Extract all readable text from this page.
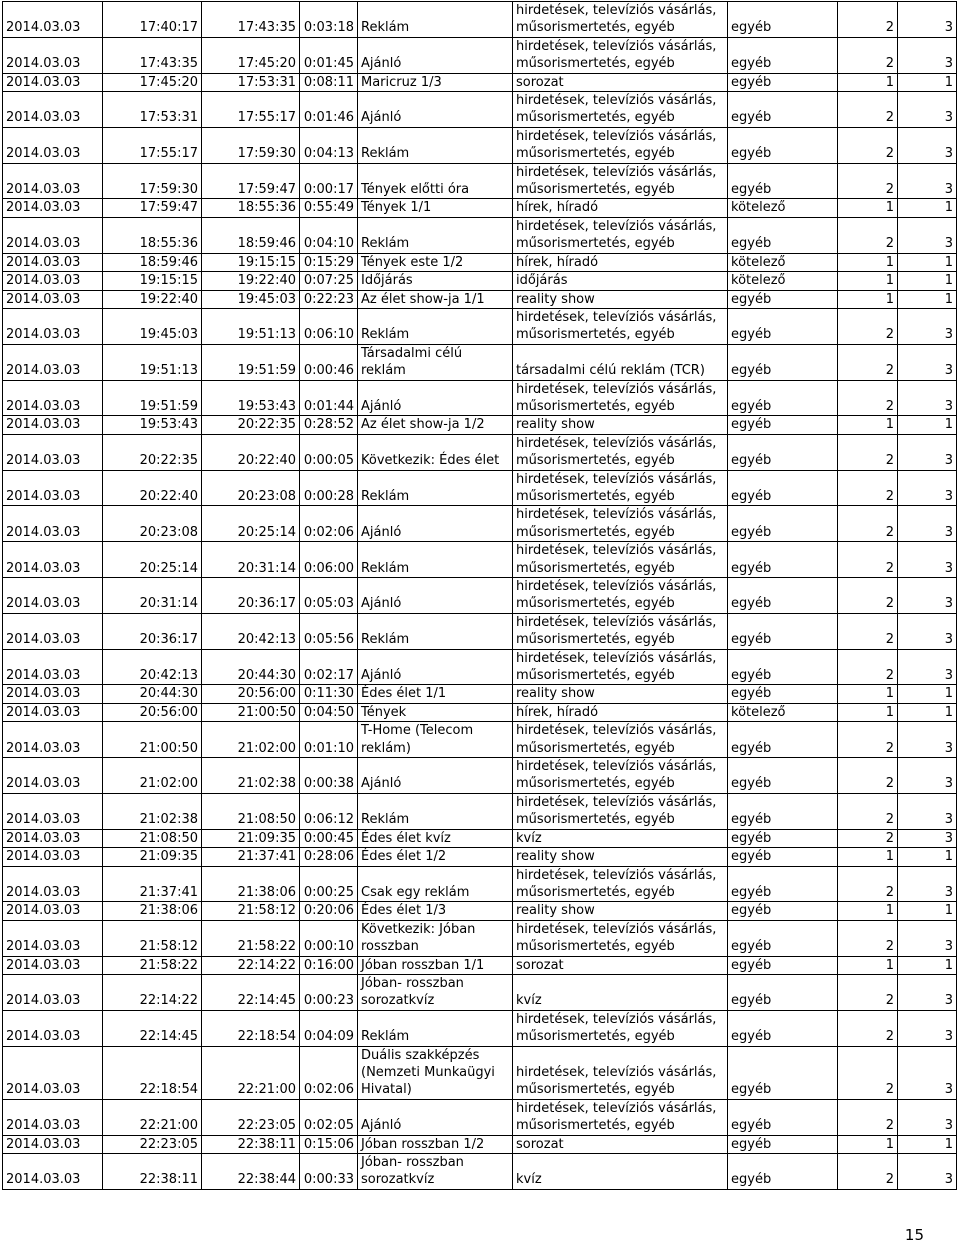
2014.03.03	17:40:17	17:43:35	0:03:18	Reklám	hirdetések, televíziós vásárlás, műsorismertetés, egyéb	egyéb	2	3
2014.03.03	17:43:35	17:45:20	0:01:45	Ajánló	hirdetések, televíziós vásárlás, műsorismertetés, egyéb	egyéb	2	3
2014.03.03	17:45:20	17:53:31	0:08:11	Maricruz 1/3	sorozat	egyéb	1	1
2014.03.03	17:53:31	17:55:17	0:01:46	Ajánló	hirdetések, televíziós vásárlás, műsorismertetés, egyéb	egyéb	2	3
2014.03.03	17:55:17	17:59:30	0:04:13	Reklám	hirdetések, televíziós vásárlás, műsorismertetés, egyéb	egyéb	2	3
2014.03.03	17:59:30	17:59:47	0:00:17	Tények előtti óra	hirdetések, televíziós vásárlás, műsorismertetés, egyéb	egyéb	2	3
2014.03.03	17:59:47	18:55:36	0:55:49	Tények 1/1	hírek, híradó	kötelező	1	1
2014.03.03	18:55:36	18:59:46	0:04:10	Reklám	hirdetések, televíziós vásárlás, műsorismertetés, egyéb	egyéb	2	3
2014.03.03	18:59:46	19:15:15	0:15:29	Tények este 1/2	hírek, híradó	kötelező	1	1
2014.03.03	19:15:15	19:22:40	0:07:25	Időjárás	időjárás	kötelező	1	1
2014.03.03	19:22:40	19:45:03	0:22:23	Az élet show-ja 1/1	reality show	egyéb	1	1
2014.03.03	19:45:03	19:51:13	0:06:10	Reklám	hirdetések, televíziós vásárlás, műsorismertetés, egyéb	egyéb	2	3
2014.03.03	19:51:13	19:51:59	0:00:46	Társadalmi célú reklám	társadalmi célú reklám (TCR)	egyéb	2	3
2014.03.03	19:51:59	19:53:43	0:01:44	Ajánló	hirdetések, televíziós vásárlás, műsorismertetés, egyéb	egyéb	2	3
2014.03.03	19:53:43	20:22:35	0:28:52	Az élet show-ja 1/2	reality show	egyéb	1	1
2014.03.03	20:22:35	20:22:40	0:00:05	Következik: Édes élet	hirdetések, televíziós vásárlás, műsorismertetés, egyéb	egyéb	2	3
2014.03.03	20:22:40	20:23:08	0:00:28	Reklám	hirdetések, televíziós vásárlás, műsorismertetés, egyéb	egyéb	2	3
2014.03.03	20:23:08	20:25:14	0:02:06	Ajánló	hirdetések, televíziós vásárlás, műsorismertetés, egyéb	egyéb	2	3
2014.03.03	20:25:14	20:31:14	0:06:00	Reklám	hirdetések, televíziós vásárlás, műsorismertetés, egyéb	egyéb	2	3
2014.03.03	20:31:14	20:36:17	0:05:03	Ajánló	hirdetések, televíziós vásárlás, műsorismertetés, egyéb	egyéb	2	3
2014.03.03	20:36:17	20:42:13	0:05:56	Reklám	hirdetések, televíziós vásárlás, műsorismertetés, egyéb	egyéb	2	3
2014.03.03	20:42:13	20:44:30	0:02:17	Ajánló	hirdetések, televíziós vásárlás, műsorismertetés, egyéb	egyéb	2	3
2014.03.03	20:44:30	20:56:00	0:11:30	Édes élet 1/1	reality show	egyéb	1	1
2014.03.03	20:56:00	21:00:50	0:04:50	Tények	hírek, híradó	kötelező	1	1
2014.03.03	21:00:50	21:02:00	0:01:10	T-Home (Telecom reklám)	hirdetések, televíziós vásárlás, műsorismertetés, egyéb	egyéb	2	3
2014.03.03	21:02:00	21:02:38	0:00:38	Ajánló	hirdetések, televíziós vásárlás, műsorismertetés, egyéb	egyéb	2	3
2014.03.03	21:02:38	21:08:50	0:06:12	Reklám	hirdetések, televíziós vásárlás, műsorismertetés, egyéb	egyéb	2	3
2014.03.03	21:08:50	21:09:35	0:00:45	Édes élet kvíz	kvíz	egyéb	2	3
2014.03.03	21:09:35	21:37:41	0:28:06	Édes élet 1/2	reality show	egyéb	1	1
2014.03.03	21:37:41	21:38:06	0:00:25	Csak egy reklám	hirdetések, televíziós vásárlás, műsorismertetés, egyéb	egyéb	2	3
2014.03.03	21:38:06	21:58:12	0:20:06	Édes élet 1/3	reality show	egyéb	1	1
2014.03.03	21:58:12	21:58:22	0:00:10	Következik: Jóban rosszban	hirdetések, televíziós vásárlás, műsorismertetés, egyéb	egyéb	2	3
2014.03.03	21:58:22	22:14:22	0:16:00	Jóban rosszban 1/1	sorozat	egyéb	1	1
2014.03.03	22:14:22	22:14:45	0:00:23	Jóban- rosszban sorozatkvíz	kvíz	egyéb	2	3
2014.03.03	22:14:45	22:18:54	0:04:09	Reklám	hirdetések, televíziós vásárlás, műsorismertetés, egyéb	egyéb	2	3
2014.03.03	22:18:54	22:21:00	0:02:06	Duális szakképzés (Nemzeti Munkaügyi Hivatal)	hirdetések, televíziós vásárlás, műsorismertetés, egyéb	egyéb	2	3
2014.03.03	22:21:00	22:23:05	0:02:05	Ajánló	hirdetések, televíziós vásárlás, műsorismertetés, egyéb	egyéb	2	3
2014.03.03	22:23:05	22:38:11	0:15:06	Jóban rosszban 1/2	sorozat	egyéb	1	1
2014.03.03	22:38:11	22:38:44	0:00:33	Jóban- rosszban sorozatkvíz	kvíz	egyéb	2	3
15
